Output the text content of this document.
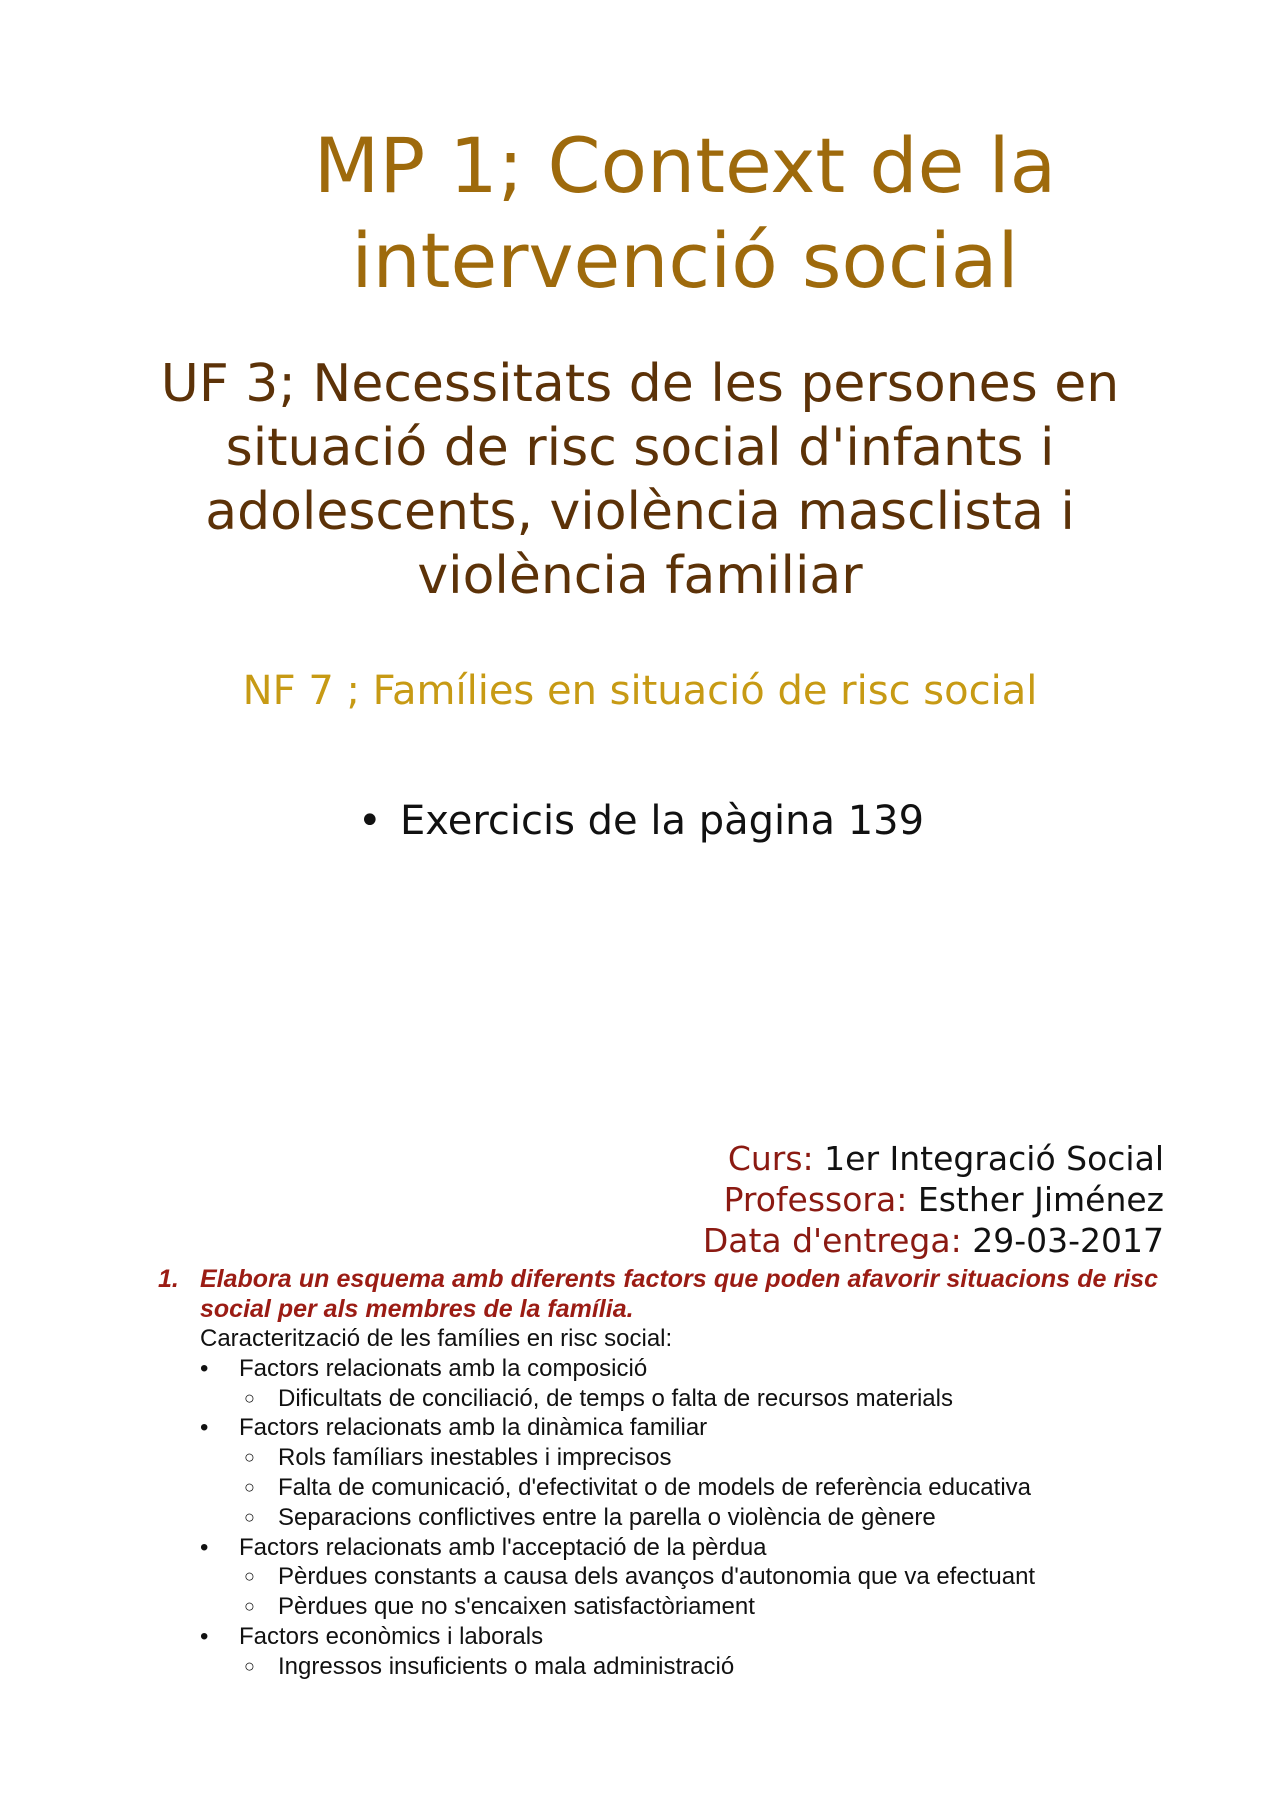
MP 1; Context de la
intervenció social
UF 3; Necessitats de les persones en
situació de risc social d'infants i
adolescents, violència masclista i
violència familiar
NF 7 ; Famílies en situació de risc social
• Exercicis de la pàgina 139
Curs: 1er Integració Social
Professora: Esther Jiménez
Data d'entrega: 29-03-2017
1. Elabora un esquema amb diferents factors que poden afavorir situacions de risc social per als membres de la família.
Caracterització de les famílies en risc social:
•	Factors relacionats amb la composició
○ Dificultats de conciliació, de temps o falta de recursos materials
•	Factors relacionats amb la dinàmica familiar
○ Rols famíliars inestables i imprecisos
○ Falta de comunicació, d'efectivitat o de models de referència educativa
○ Separacions conflictives entre la parella o violència de gènere
•	Factors relacionats amb l'acceptació de la pèrdua
○ Pèrdues constants a causa dels avanços d'autonomia que va efectuant
○ Pèrdues que no s'encaixen satisfactòriament
•	Factors econòmics i laborals
○ Ingressos insuficients o mala administració
